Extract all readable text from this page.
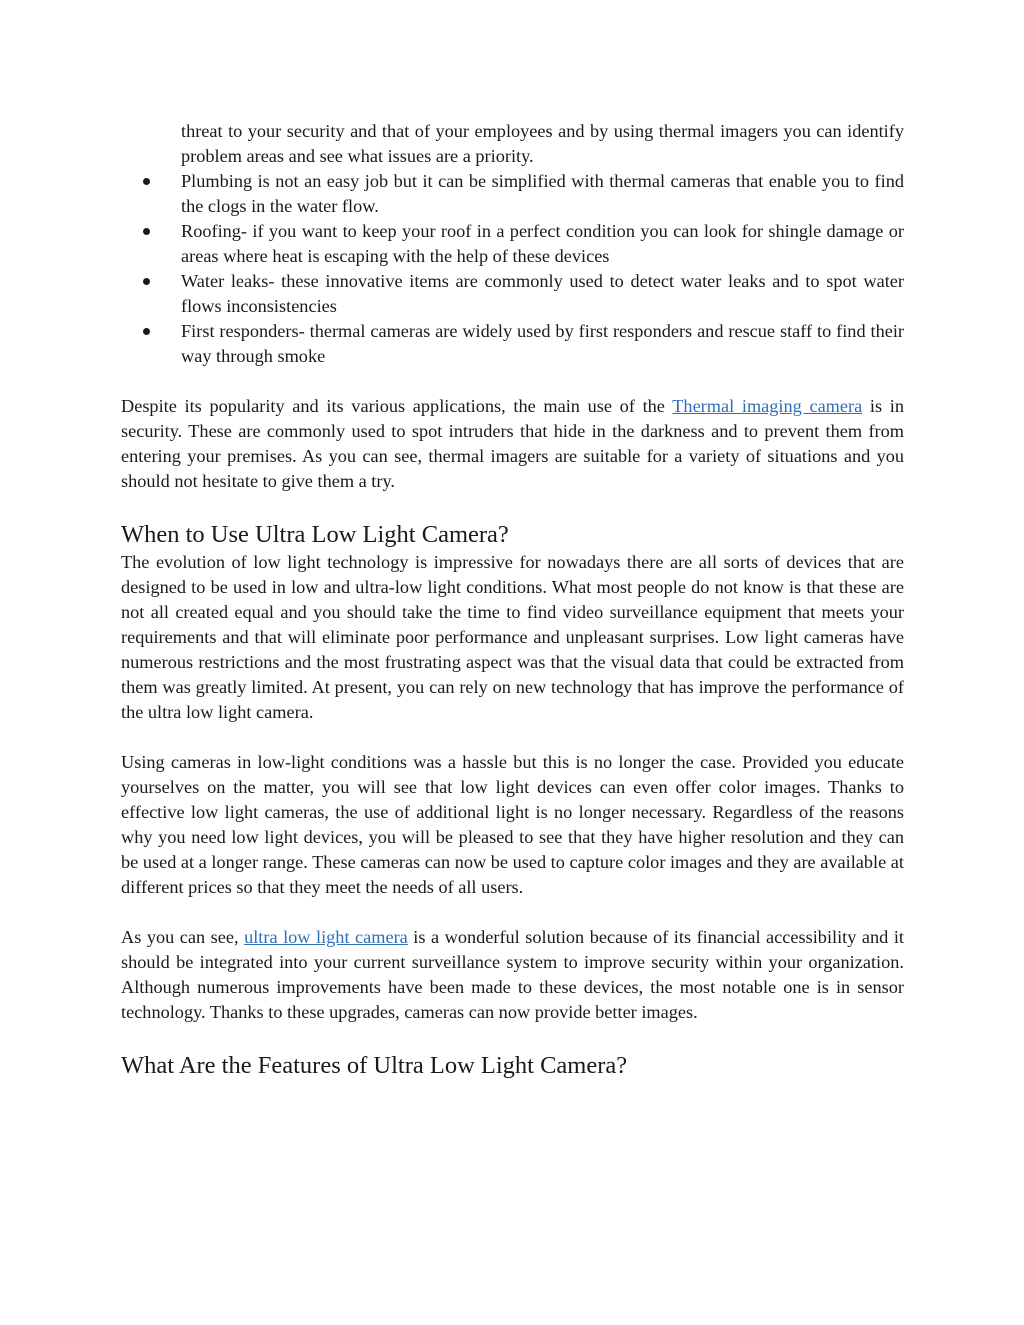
threat to your security and that of your employees and by using thermal imagers you can identify problem areas and see what issues are a priority.
Plumbing is not an easy job but it can be simplified with thermal cameras that enable you to find the clogs in the water flow.
Roofing- if you want to keep your roof in a perfect condition you can look for shingle damage or areas where heat is escaping with the help of these devices
Water leaks- these innovative items are commonly used to detect water leaks and to spot water flows inconsistencies
First responders- thermal cameras are widely used by first responders and rescue staff to find their way through smoke

Despite its popularity and its various applications, the main use of the Thermal imaging camera is in security. These are commonly used to spot intruders that hide in the darkness and to prevent them from entering your premises. As you can see, thermal imagers are suitable for a variety of situations and you should not hesitate to give them a try.

When to Use Ultra Low Light Camera?

The evolution of low light technology is impressive for nowadays there are all sorts of devices that are designed to be used in low and ultra-low light conditions. What most people do not know is that these are not all created equal and you should take the time to find video surveillance equipment that meets your requirements and that will eliminate poor performance and unpleasant surprises. Low light cameras have numerous restrictions and the most frustrating aspect was that the visual data that could be extracted from them was greatly limited. At present, you can rely on new technology that has improve the performance of the ultra low light camera.

Using cameras in low-light conditions was a hassle but this is no longer the case. Provided you educate yourselves on the matter, you will see that low light devices can even offer color images. Thanks to effective low light cameras, the use of additional light is no longer necessary. Regardless of the reasons why you need low light devices, you will be pleased to see that they have higher resolution and they can be used at a longer range. These cameras can now be used to capture color images and they are available at different prices so that they meet the needs of all users.

As you can see, ultra low light camera is a wonderful solution because of its financial accessibility and it should be integrated into your current surveillance system to improve security within your organization. Although numerous improvements have been made to these devices, the most notable one is in sensor technology. Thanks to these upgrades, cameras can now provide better images.

What Are the Features of Ultra Low Light Camera?
